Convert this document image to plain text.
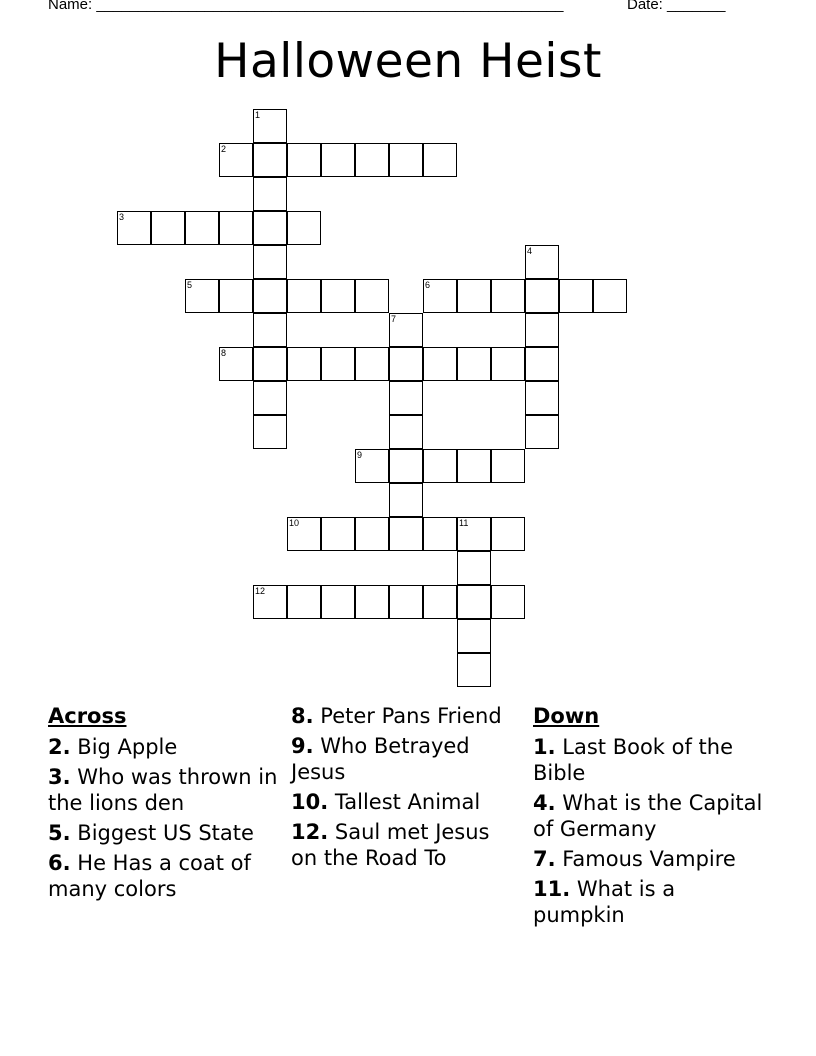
Name: ________________________________________________________	Date: _______
Halloween Heist
1
2
3
4
5	6
7
8
9
10	11
12
Across
2. Big Apple
3. Who was thrown in the lions den
5. Biggest US State
6. He Has a coat of many colors
8. Peter Pans Friend
9. Who Betrayed Jesus
10. Tallest Animal
12. Saul met Jesus on the Road To
Down
1. Last Book of the Bible
4. What is the Capital of Germany
7. Famous Vampire
11. What is a pumpkin
